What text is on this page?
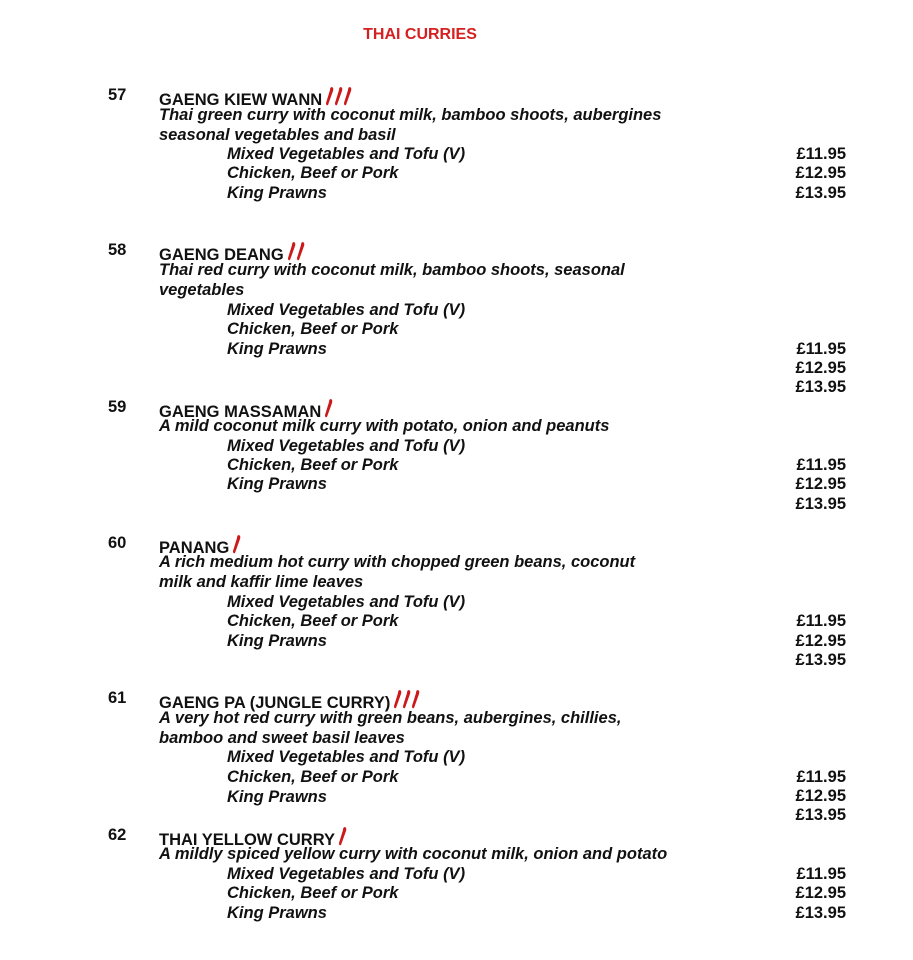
THAI CURRIES
57 GAENG KIEW WANN
Thai green curry with coconut milk, bamboo shoots, aubergines
seasonal vegetables and basil
Mixed Vegetables and Tofu (V)
Chicken, Beef or Pork
King Prawns
£11.95
£12.95
£13.95
58 GAENG DEANG
Thai red curry with coconut milk, bamboo shoots, seasonal
vegetables
Mixed Vegetables and Tofu (V)
Chicken, Beef or Pork
King Prawns	£11.95
£12.95
£13.95
59 GAENG MASSAMAN
A mild coconut milk curry with potato, onion and peanuts
Mixed Vegetables and Tofu (V)
Chicken, Beef or Pork
King Prawns
£11.95
£12.95
£13.95
60 PANANG
A rich medium hot curry with chopped green beans, coconut
milk and kaffir lime leaves
Mixed Vegetables and Tofu (V)
Chicken, Beef or Pork
King Prawns
£11.95
£12.95
£13.95
61 GAENG PA (JUNGLE CURRY)
A very hot red curry with green beans, aubergines, chillies,
bamboo and sweet basil leaves
Mixed Vegetables and Tofu (V)
Chicken, Beef or Pork
King Prawns
£11.95
£12.95
£13.95
62 THAI YELLOW CURRY
A mildly spiced yellow curry with coconut milk, onion and potato
Mixed Vegetables and Tofu (V)
Chicken, Beef or Pork
King Prawns
£11.95
£12.95
£13.95
